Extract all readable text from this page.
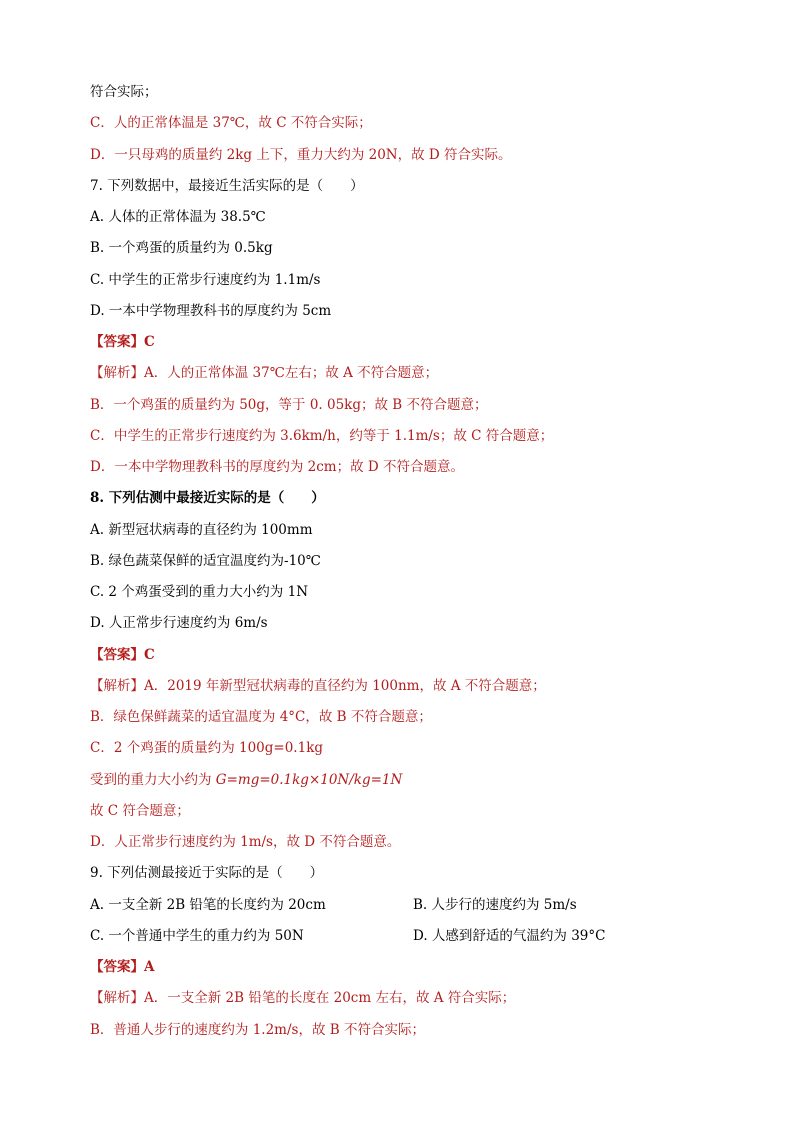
符合实际；
C．人的正常体温是 37℃，故 C 不符合实际；
D．一只母鸡的质量约 2kg 上下，重力大约为 20N，故 D 符合实际。
7. 下列数据中，最接近生活实际的是（　　）
A. 人体的正常体温为 38.5℃
B. 一个鸡蛋的质量约为 0.5kg
C. 中学生的正常步行速度约为 1.1m/s
D. 一本中学物理教科书的厚度约为 5cm
【答案】C
【解析】A．人的正常体温 37℃左右；故 A 不符合题意；
B．一个鸡蛋的质量约为 50g，等于 0. 05kg；故 B 不符合题意；
C．中学生的正常步行速度约为 3.6km/h，约等于 1.1m/s；故 C 符合题意；
D．一本中学物理教科书的厚度约为 2cm；故 D 不符合题意。
8. 下列估测中最接近实际的是（　　）
A. 新型冠状病毒的直径约为 100mm
B. 绿色蔬菜保鲜的适宜温度约为-10℃
C. 2 个鸡蛋受到的重力大小约为 1N
D. 人正常步行速度约为 6m/s
【答案】C
【解析】A．2019 年新型冠状病毒的直径约为 100nm，故 A 不符合题意；
B．绿色保鲜蔬菜的适宜温度为 4°C，故 B 不符合题意；
C．2 个鸡蛋的质量约为 100g=0.1kg
受到的重力大小约为 G=mg=0.1kg×10N/kg=1N
故 C 符合题意；
D．人正常步行速度约为 1m/s，故 D 不符合题意。
9. 下列估测最接近于实际的是（　　）
A. 一支全新 2B 铅笔的长度约为 20cm	B. 人步行的速度约为 5m/s
C. 一个普通中学生的重力约为 50N	D. 人感到舒适的气温约为 39°C
【答案】A
【解析】A．一支全新 2B 铅笔的长度在 20cm 左右，故 A 符合实际；
B．普通人步行的速度约为 1.2m/s，故 B 不符合实际；
